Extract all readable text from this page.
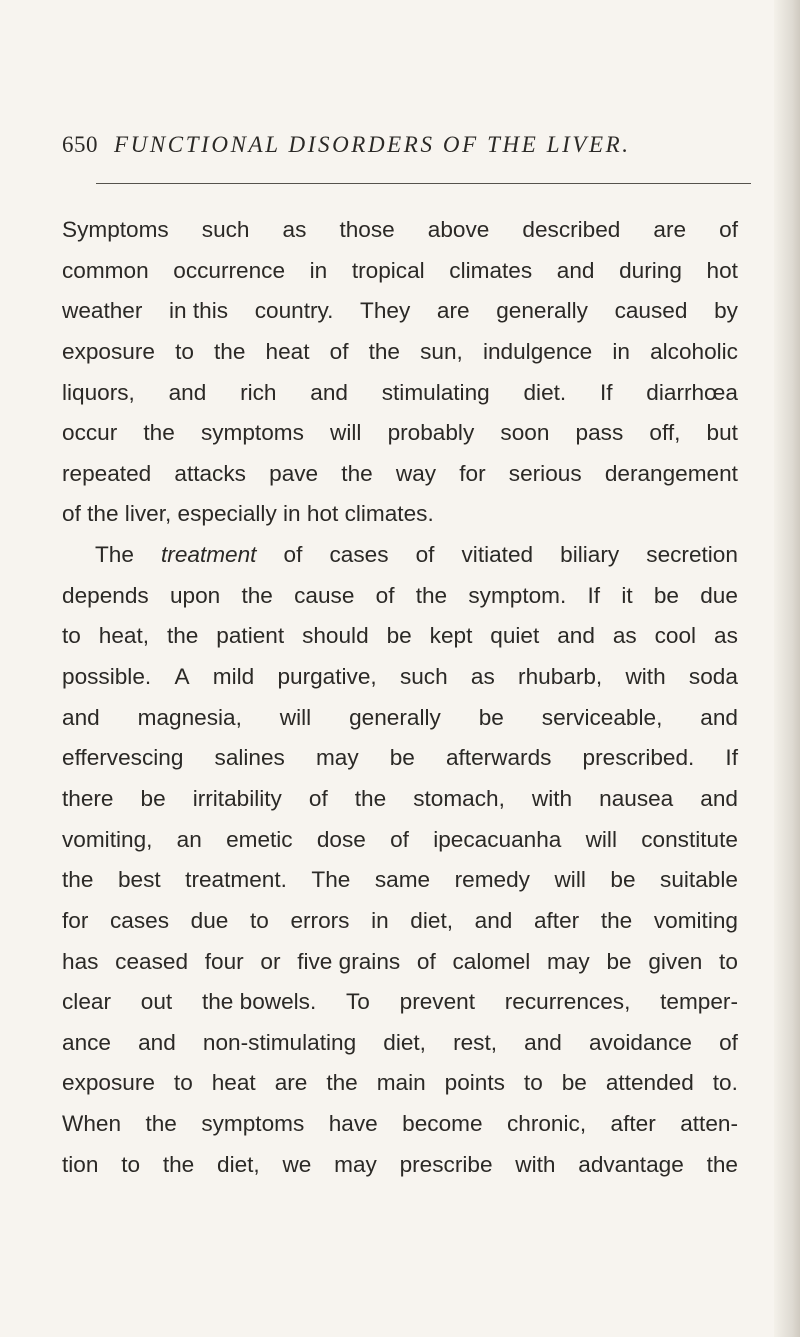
650 FUNCTIONAL DISORDERS OF THE LIVER.
Symptoms such as those above described are of
common occurrence in tropical climates and during hot
weather in this country. They are generally caused by
exposure to the heat of the sun, indulgence in alcoholic
liquors, and rich and stimulating diet. If diarrhœa
occur the symptoms will probably soon pass off, but
repeated attacks pave the way for serious derangement
of the liver, especially in hot climates.
The treatment of cases of vitiated biliary secretion
depends upon the cause of the symptom. If it be due
to heat, the patient should be kept quiet and as cool as
possible. A mild purgative, such as rhubarb, with soda
and magnesia, will generally be serviceable, and
effervescing salines may be afterwards prescribed. If
there be irritability of the stomach, with nausea and
vomiting, an emetic dose of ipecacuanha will constitute
the best treatment. The same remedy will be suitable
for cases due to errors in diet, and after the vomiting
has ceased four or five grains of calomel may be given to
clear out the bowels. To prevent recurrences, temper-
ance and non-stimulating diet, rest, and avoidance of
exposure to heat are the main points to be attended to.
When the symptoms have become chronic, after atten-
tion to the diet, we may prescribe with advantage the
